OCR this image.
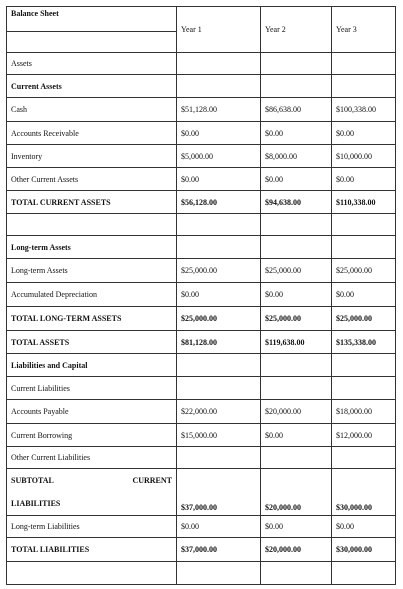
Balance Sheet	Year 1	Year 2	Year 3

Assets			
Current Assets			
Cash	$51,128.00	$86,638.00	$100,338.00
Accounts Receivable	$0.00	$0.00	$0.00
Inventory	$5,000.00	$8,000.00	$10,000.00
Other Current Assets	$0.00	$0.00	$0.00
TOTAL CURRENT ASSETS	$56,128.00	$94,638.00	$110,338.00

Long-term Assets			
Long-term Assets	$25,000.00	$25,000.00	$25,000.00
Accumulated Depreciation	$0.00	$0.00	$0.00
TOTAL LONG-TERM ASSETS	$25,000.00	$25,000.00	$25,000.00
TOTAL ASSETS	$81,128.00	$119,638.00	$135,338.00
Liabilities and Capital			
Current Liabilities			
Accounts Payable	$22,000.00	$20,000.00	$18,000.00
Current Borrowing	$15,000.00	$0.00	$12,000.00
Other Current Liabilities			

SUBTOTAL CURRENT
LIABILITIES	$37,000.00	$20,000.00	$30,000.00
Long-term Liabilities	$0.00	$0.00	$0.00
TOTAL LIABILITIES	$37,000.00	$20,000.00	$30,000.00
